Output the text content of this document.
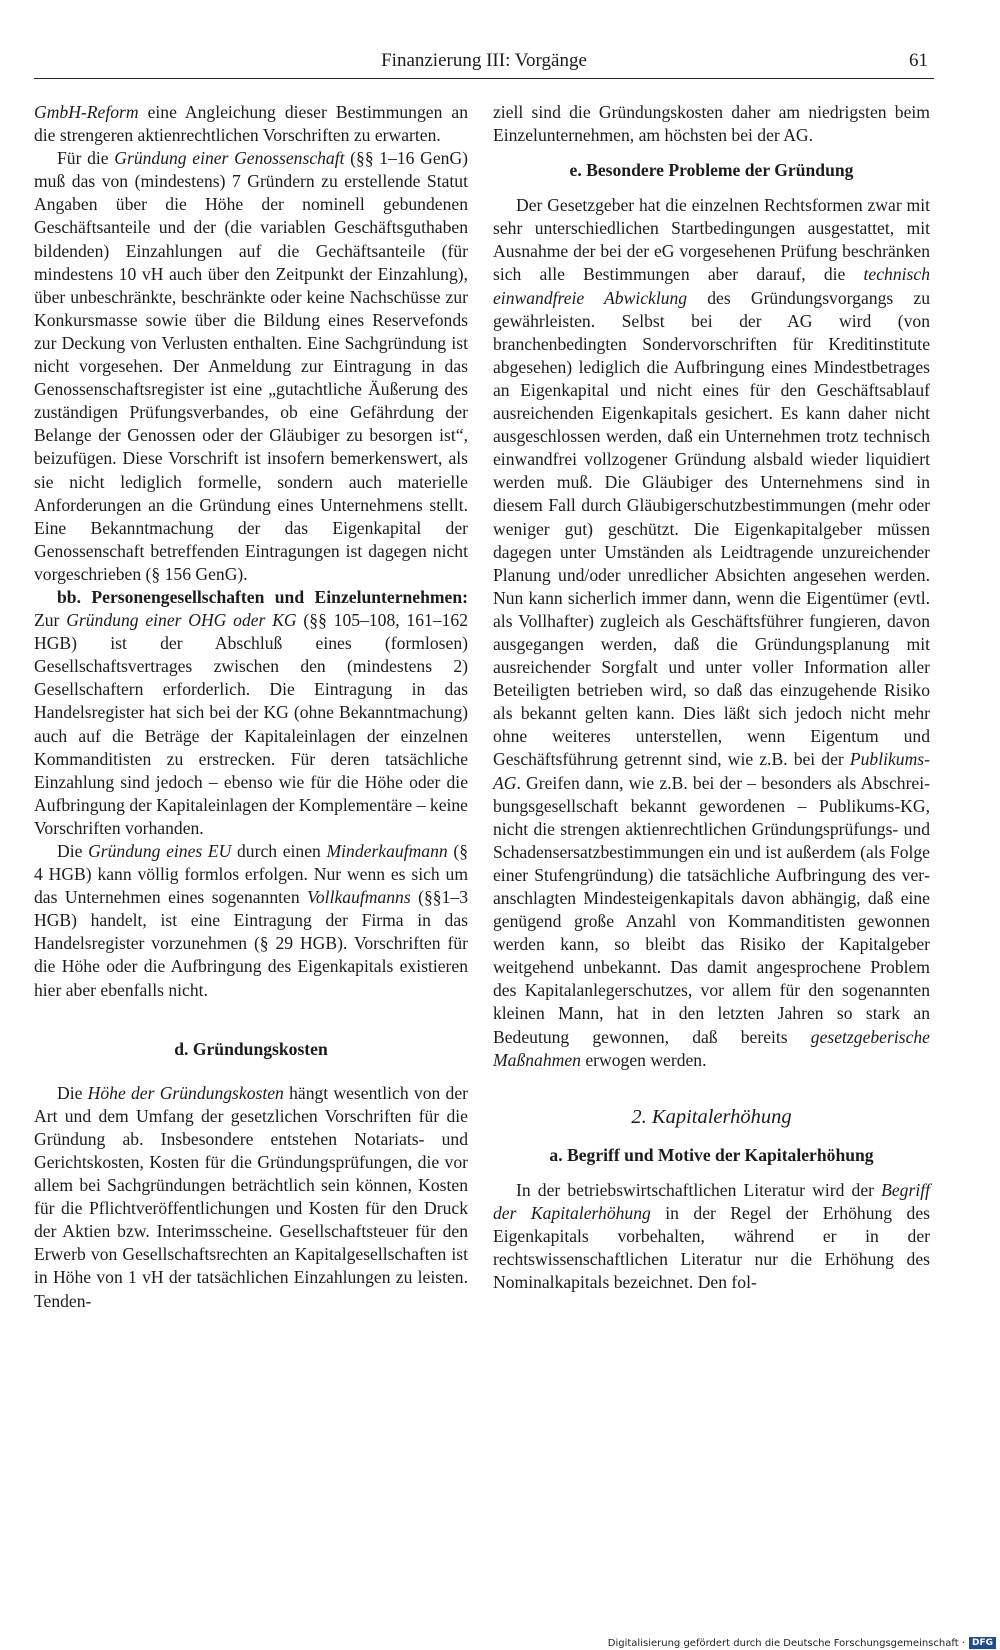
Finanzierung III: Vorgänge	61

GmbH-Reform eine Angleichung dieser Bestimmungen an die strengeren aktienrechtlichen Vorschriften zu erwarten.

Für die Gründung einer Genossenschaft (§§ 1–16 GenG) muß das von (mindestens) 7 Gründern zu erstellende Statut Angaben über die Höhe der nominell gebundenen Geschäftsanteile und der (die variablen Geschäftsguthaben bildenden) Einzahlungen auf die Gechäftsanteile (für mindestens 10 vH auch über den Zeitpunkt der Einzahlung), über unbeschränkte, beschränkte oder keine Nachschüsse zur Konkursmasse sowie über die Bildung eines Reservefonds zur Deckung von Verlusten enthalten. Eine Sachgründung ist nicht vorgesehen. Der Anmeldung zur Eintragung in das Genossenschaftsregister ist eine „gutachtliche Äußerung des zuständigen Prüfungsverbandes, ob eine Gefährdung der Belange der Genossen oder der Gläubiger zu besorgen ist“, beizufügen. Diese Vorschrift ist insofern bemerkenswert, als sie nicht lediglich formelle, sondern auch materielle Anforderungen an die Gründung eines Unternehmens stellt. Eine Bekanntmachung der das Eigenkapital der Genossenschaft betreffenden Eintragungen ist dagegen nicht vorgeschrieben (§ 156 GenG).

bb. Personengesellschaften und Einzelunternehmen: Zur Gründung einer OHG oder KG (§§ 105–108, 161–162 HGB) ist der Abschluß eines (formlosen) Gesellschaftsvertrages zwischen den (mindestens 2) Gesellschaftern erforderlich. Die Eintragung in das Handelsregister hat sich bei der KG (ohne Bekanntmachung) auch auf die Beträge der Kapitaleinlagen der einzelnen Kommanditisten zu erstrecken. Für deren tatsächliche Einzahlung sind jedoch – ebenso wie für die Höhe oder die Aufbringung der Kapitaleinlagen der Komplementäre – keine Vorschriften vorhanden.

Die Gründung eines EU durch einen Minderkaufmann (§ 4 HGB) kann völlig formlos erfolgen. Nur wenn es sich um das Unternehmen eines sogenannten Vollkaufmanns (§§1–3 HGB) handelt, ist eine Eintragung der Firma in das Handelsregister vorzunehmen (§ 29 HGB). Vorschriften für die Höhe oder die Aufbringung des Eigenkapitals existieren hier aber ebenfalls nicht.

d. Gründungskosten

Die Höhe der Gründungskosten hängt wesentlich von der Art und dem Umfang der gesetzlichen Vorschriften für die Gründung ab. Insbesondere entstehen Notariats- und Gerichtskosten, Kosten für die Gründungsprüfungen, die vor allem bei Sachgründungen beträchtlich sein können, Kosten für die Pflichtveröffentlichungen und Kosten für den Druck der Aktien bzw. Interimsscheine. Gesellschaftsteuer für den Erwerb von Gesellschaftsrechten an Kapitalgesellschaften ist in Höhe von 1 vH der tatsächlichen Einzahlungen zu leisten. Tenden-

ziell sind die Gründungskosten daher am niedrigsten beim Einzelunternehmen, am höchsten bei der AG.

e. Besondere Probleme der Gründung

Der Gesetzgeber hat die einzelnen Rechtsformen zwar mit sehr unterschiedlichen Startbedingungen ausgestattet, mit Ausnahme der bei der eG vorgesehenen Prüfung beschränken sich alle Bestimmungen aber darauf, die technisch einwandfreie Abwicklung des Gründungsvorgangs zu gewährleisten. Selbst bei der AG wird (von branchenbedingten Sondervorschriften für Kreditinstitute abgesehen) lediglich die Aufbringung eines Mindestbetrages an Eigenkapital und nicht eines für den Geschäftsablauf ausreichenden Eigenkapitals gesichert. Es kann daher nicht ausgeschlossen werden, daß ein Unternehmen trotz technisch einwandfrei vollzogener Gründung alsbald wieder liquidiert werden muß. Die Gläubiger des Unternehmens sind in diesem Fall durch Gläubigerschutzbestimmungen (mehr oder weniger gut) geschützt. Die Eigenkapitalgeber müssen dagegen unter Umständen als Leidtragende unzureichender Planung und/oder unredlicher Absichten angesehen werden. Nun kann sicherlich immer dann, wenn die Eigentümer (evtl. als Vollhafter) zugleich als Geschäftsführer fungieren, davon ausgegangen werden, daß die Gründungsplanung mit ausreichender Sorgfalt und unter voller Information aller Beteiligten betrieben wird, so daß das einzugehende Risiko als bekannt gelten kann. Dies läßt sich jedoch nicht mehr ohne weiteres unterstellen, wenn Eigentum und Geschäftsführung getrennt sind, wie z.B. bei der Publikums-AG. Greifen dann, wie z.B. bei der – besonders als Abschreibungsgesellschaft bekannt gewordenen – Publikums-KG, nicht die strengen aktienrechtlichen Gründungsprüfungs- und Schadensersatzbestimmungen ein und ist außerdem (als Folge einer Stufengründung) die tatsächliche Aufbringung des veranschlagten Mindesteigenkapitals davon abhängig, daß eine genügend große Anzahl von Kommanditisten gewonnen werden kann, so bleibt das Risiko der Kapitalgeber weitgehend unbekannt. Das damit angesprochene Problem des Kapitalanlegerschutzes, vor allem für den sogenannten kleinen Mann, hat in den letzten Jahren so stark an Bedeutung gewonnen, daß bereits gesetzgeberische Maßnahmen erwogen werden.

2. Kapitalerhöhung
a. Begriff und Motive der Kapitalerhöhung

In der betriebswirtschaftlichen Literatur wird der Begriff der Kapitalerhöhung in der Regel der Erhöhung des Eigenkapitals vorbehalten, während er in der rechtswissenschaftlichen Literatur nur die Erhöhung des Nominalkapitals bezeichnet. Den fol-

Digitalisierung gefördert durch die Deutsche Forschungsgemeinschaft · DFG
